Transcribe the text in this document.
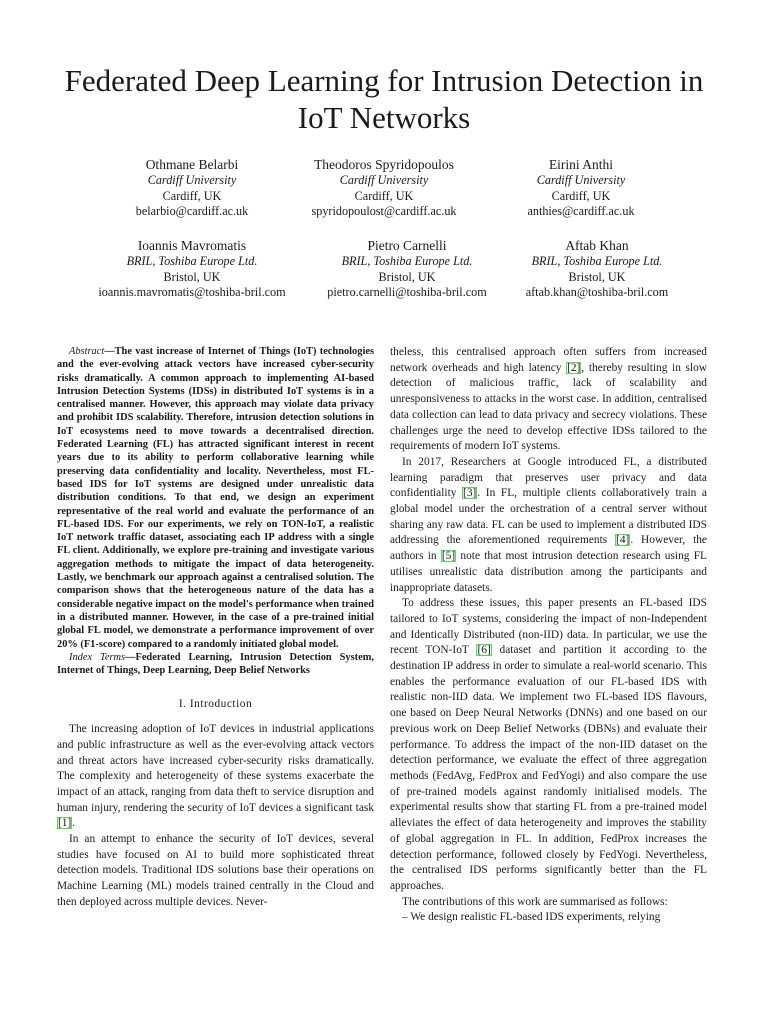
Federated Deep Learning for Intrusion Detection in IoT Networks
Othmane Belarbi
Cardiff University
Cardiff, UK
belarbio@cardiff.ac.uk
Theodoros Spyridopoulos
Cardiff University
Cardiff, UK
spyridopoulost@cardiff.ac.uk
Eirini Anthi
Cardiff University
Cardiff, UK
anthies@cardiff.ac.uk
Ioannis Mavromatis
BRIL, Toshiba Europe Ltd.
Bristol, UK
ioannis.mavromatis@toshiba-bril.com
Pietro Carnelli
BRIL, Toshiba Europe Ltd.
Bristol, UK
pietro.carnelli@toshiba-bril.com
Aftab Khan
BRIL, Toshiba Europe Ltd.
Bristol, UK
aftab.khan@toshiba-bril.com

Abstract—The vast increase of Internet of Things (IoT) technologies and the ever-evolving attack vectors have increased cyber-security risks dramatically. A common approach to implementing AI-based Intrusion Detection Systems (IDSs) in distributed IoT systems is in a centralised manner. However, this approach may violate data privacy and prohibit IDS scalability. Therefore, intrusion detection solutions in IoT ecosystems need to move towards a decentralised direction. Federated Learning (FL) has attracted significant interest in recent years due to its ability to perform collaborative learning while preserving data confidentiality and locality. Nevertheless, most FL-based IDS for IoT systems are designed under unrealistic data distribution conditions. To that end, we design an experiment representative of the real world and evaluate the performance of an FL-based IDS. For our experiments, we rely on TON-IoT, a realistic IoT network traffic dataset, associating each IP address with a single FL client. Additionally, we explore pre-training and investigate various aggregation methods to mitigate the impact of data heterogeneity. Lastly, we benchmark our approach against a centralised solution. The comparison shows that the heterogeneous nature of the data has a considerable negative impact on the model's performance when trained in a distributed manner. However, in the case of a pre-trained initial global FL model, we demonstrate a performance improvement of over 20% (F1-score) compared to a randomly initiated global model.

Index Terms—Federated Learning, Intrusion Detection System, Internet of Things, Deep Learning, Deep Belief Networks

I. Introduction

The increasing adoption of IoT devices in industrial applications and public infrastructure as well as the ever-evolving attack vectors and threat actors have increased cyber-security risks dramatically. The complexity and heterogeneity of these systems exacerbate the impact of an attack, ranging from data theft to service disruption and human injury, rendering the security of IoT devices a significant task [1].

In an attempt to enhance the security of IoT devices, several studies have focused on AI to build more sophisticated threat detection models. Traditional IDS solutions base their operations on Machine Learning (ML) models trained centrally in the Cloud and then deployed across multiple devices. Never-

theless, this centralised approach often suffers from increased network overheads and high latency [2], thereby resulting in slow detection of malicious traffic, lack of scalability and unresponsiveness to attacks in the worst case. In addition, centralised data collection can lead to data privacy and secrecy violations. These challenges urge the need to develop effective IDSs tailored to the requirements of modern IoT systems.

In 2017, Researchers at Google introduced FL, a distributed learning paradigm that preserves user privacy and data confidentiality [3]. In FL, multiple clients collaboratively train a global model under the orchestration of a central server without sharing any raw data. FL can be used to implement a distributed IDS addressing the aforementioned requirements [4]. However, the authors in [5] note that most intrusion detection research using FL utilises unrealistic data distribution among the participants and inappropriate datasets.

To address these issues, this paper presents an FL-based IDS tailored to IoT systems, considering the impact of non-Independent and Identically Distributed (non-IID) data. In particular, we use the recent TON-IoT [6] dataset and partition it according to the destination IP address in order to simulate a real-world scenario. This enables the performance evaluation of our FL-based IDS with realistic non-IID data. We implement two FL-based IDS flavours, one based on Deep Neural Networks (DNNs) and one based on our previous work on Deep Belief Networks (DBNs) and evaluate their performance. To address the impact of the non-IID dataset on the detection performance, we evaluate the effect of three aggregation methods (FedAvg, FedProx and FedYogi) and also compare the use of pre-trained models against randomly initialised models. The experimental results show that starting FL from a pre-trained model alleviates the effect of data heterogeneity and improves the stability of global aggregation in FL. In addition, FedProx increases the detection performance, followed closely by FedYogi. Nevertheless, the centralised IDS performs significantly better than the FL approaches.

The contributions of this work are summarised as follows:

– We design realistic FL-based IDS experiments, relying
